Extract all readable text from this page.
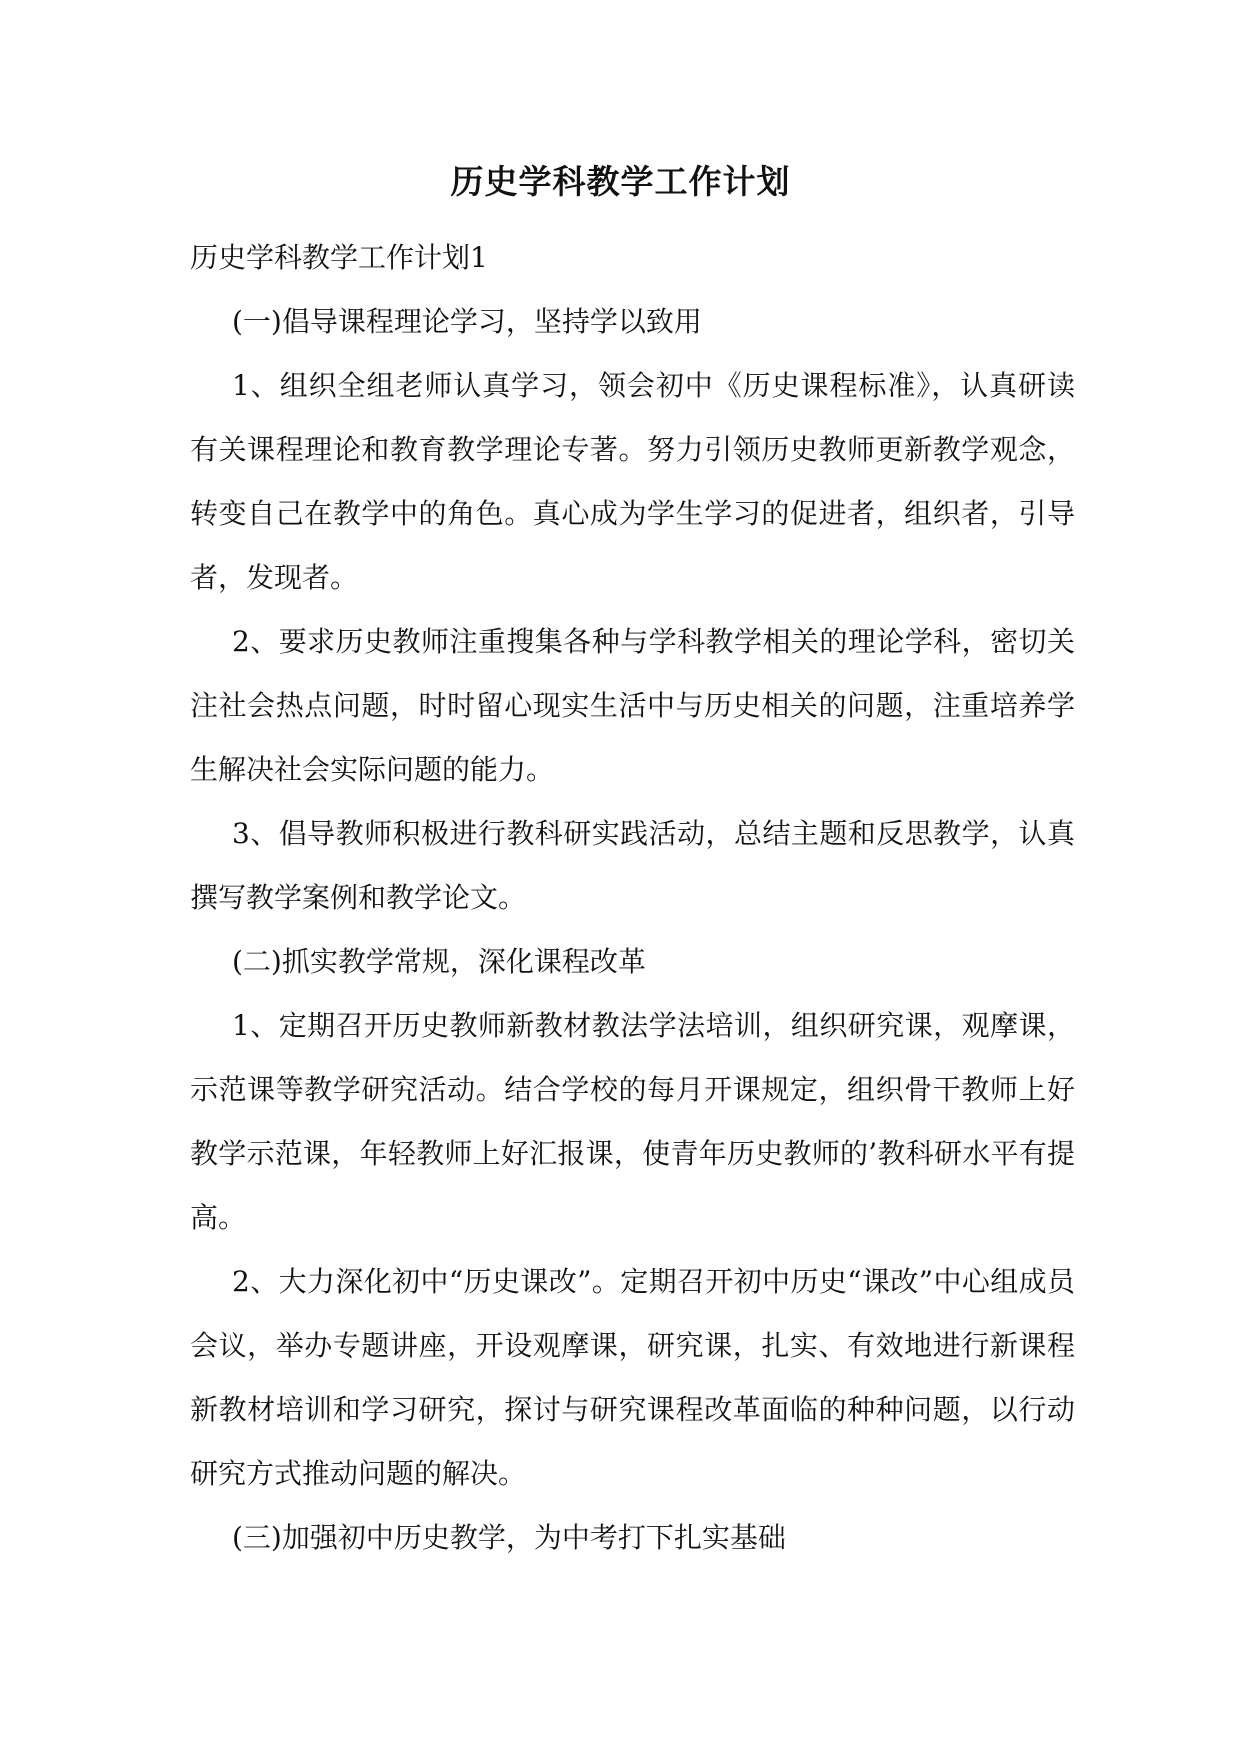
历史学科教学工作计划

历史学科教学工作计划1

(一)倡导课程理论学习，坚持学以致用

1、组织全组老师认真学习，领会初中《历史课程标准》，认真研读有关课程理论和教育教学理论专著。努力引领历史教师更新教学观念，转变自己在教学中的角色。真心成为学生学习的促进者，组织者，引导者，发现者。

2、要求历史教师注重搜集各种与学科教学相关的理论学科，密切关注社会热点问题，时时留心现实生活中与历史相关的问题，注重培养学生解决社会实际问题的能力。

3、倡导教师积极进行教科研实践活动，总结主题和反思教学，认真撰写教学案例和教学论文。

(二)抓实教学常规，深化课程改革

1、定期召开历史教师新教材教法学法培训，组织研究课，观摩课，示范课等教学研究活动。结合学校的每月开课规定，组织骨干教师上好教学示范课，年轻教师上好汇报课，使青年历史教师的’教科研水平有提高。

2、大力深化初中“历史课改”。定期召开初中历史“课改”中心组成员会议，举办专题讲座，开设观摩课，研究课，扎实、有效地进行新课程新教材培训和学习研究，探讨与研究课程改革面临的种种问题，以行动研究方式推动问题的解决。

(三)加强初中历史教学，为中考打下扎实基础
